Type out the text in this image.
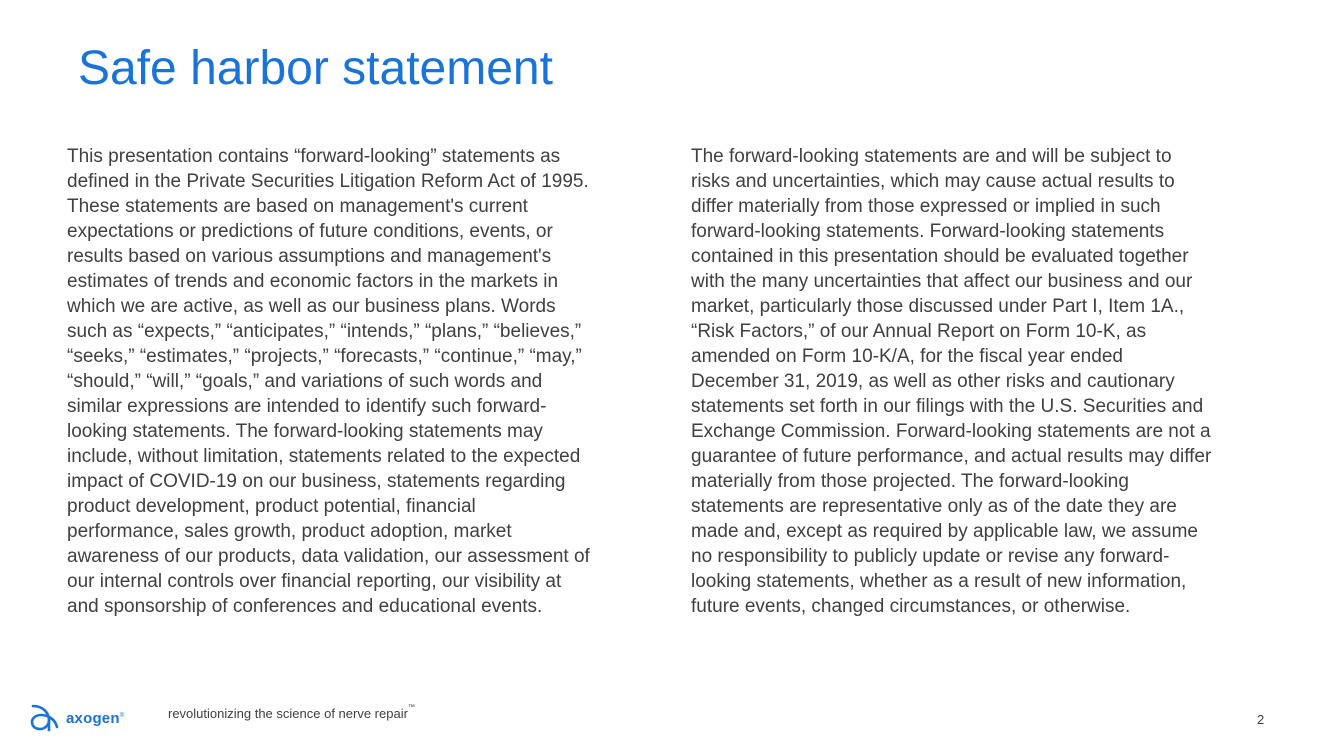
Safe harbor statement
This presentation contains “forward-looking” statements as
defined in the Private Securities Litigation Reform Act of 1995.
These statements are based on management's current
expectations or predictions of future conditions, events, or
results based on various assumptions and management's
estimates of trends and economic factors in the markets in
which we are active, as well as our business plans. Words
such as “expects,” “anticipates,” “intends,” “plans,” “believes,”
“seeks,” “estimates,” “projects,” “forecasts,” “continue,” “may,”
“should,” “will,” “goals,” and variations of such words and
similar expressions are intended to identify such forward-
looking statements. The forward-looking statements may
include, without limitation, statements related to the expected
impact of COVID-19 on our business, statements regarding
product development, product potential, financial
performance, sales growth, product adoption, market
awareness of our products, data validation, our assessment of
our internal controls over financial reporting, our visibility at
and sponsorship of conferences and educational events.
The forward-looking statements are and will be subject to
risks and uncertainties, which may cause actual results to
differ materially from those expressed or implied in such
forward-looking statements. Forward-looking statements
contained in this presentation should be evaluated together
with the many uncertainties that affect our business and our
market, particularly those discussed under Part I, Item 1A.,
“Risk Factors,” of our Annual Report on Form 10-K, as
amended on Form 10-K/A, for the fiscal year ended
December 31, 2019, as well as other risks and cautionary
statements set forth in our filings with the U.S. Securities and
Exchange Commission. Forward-looking statements are not a
guarantee of future performance, and actual results may differ
materially from those projected. The forward-looking
statements are representative only as of the date they are
made and, except as required by applicable law, we assume
no responsibility to publicly update or revise any forward-
looking statements, whether as a result of new information,
future events, changed circumstances, or otherwise.
axogen®	revolutionizing the science of nerve repair™
2
